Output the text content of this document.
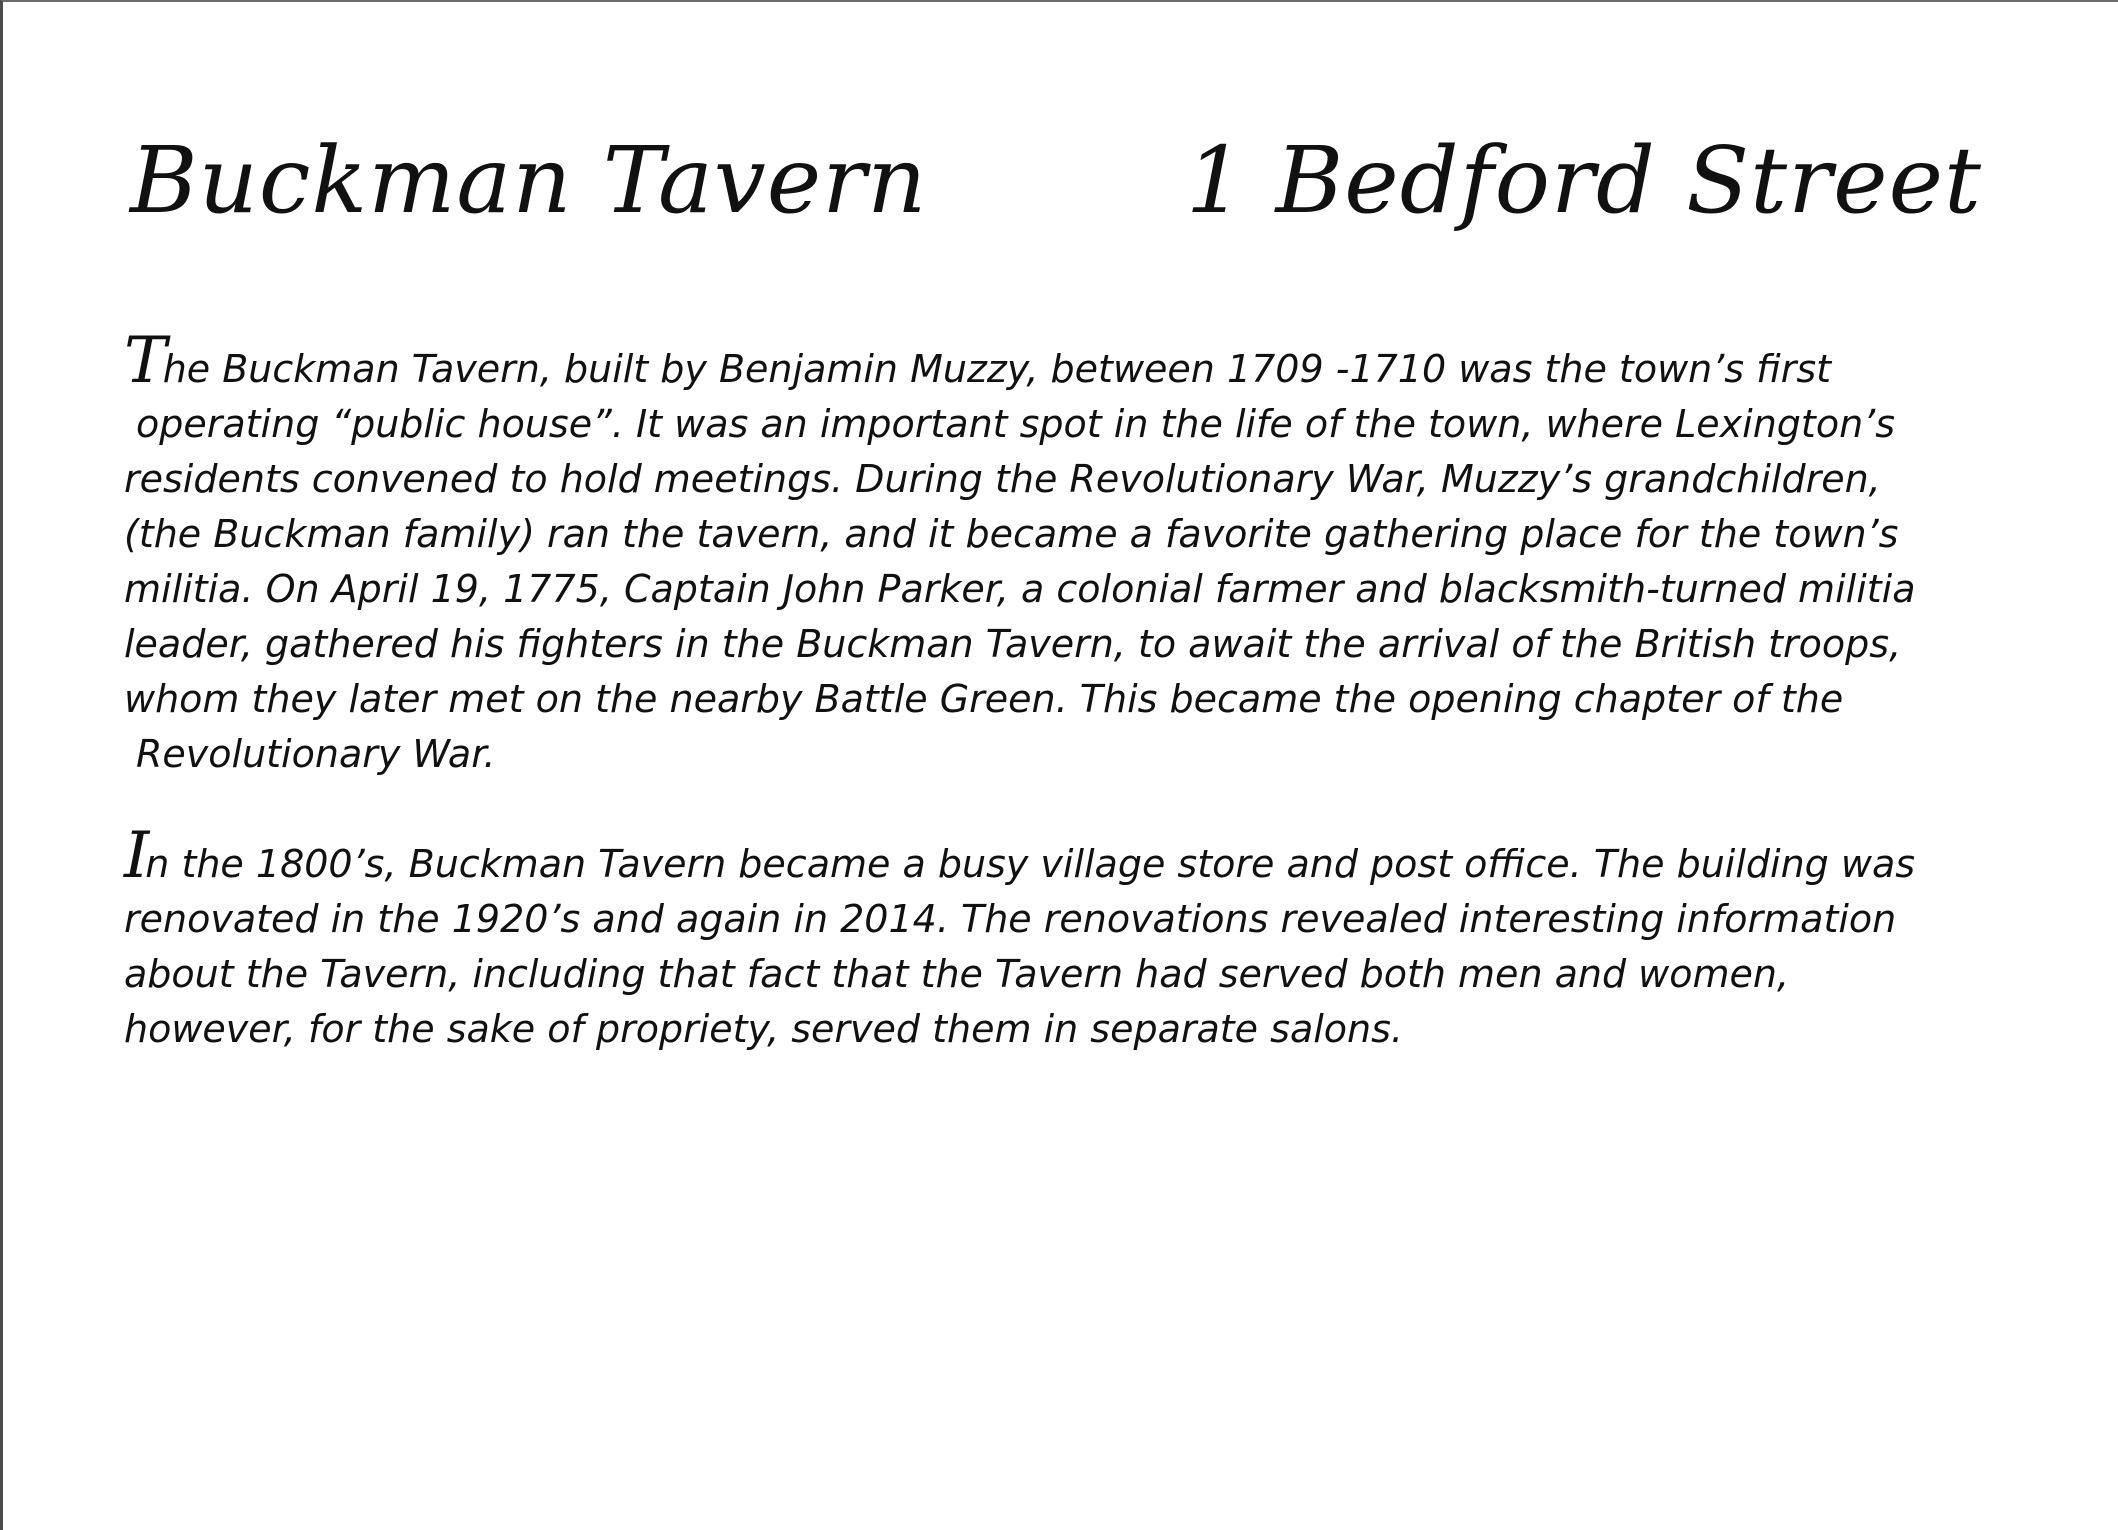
Buckman Tavern	1 Bedford Street

The Buckman Tavern, built by Benjamin Muzzy, between 1709 -1710 was the town’s first
operating “public house”. It was an important spot in the life of the town, where Lexington’s
residents convened to hold meetings. During the Revolutionary War, Muzzy’s grandchildren,
(the Buckman family) ran the tavern, and it became a favorite gathering place for the town’s
militia. On April 19, 1775, Captain John Parker, a colonial farmer and blacksmith-turned militia
leader, gathered his fighters in the Buckman Tavern, to await the arrival of the British troops,
whom they later met on the nearby Battle Green. This became the opening chapter of the
Revolutionary War.

In the 1800’s, Buckman Tavern became a busy village store and post office. The building was
renovated in the 1920’s and again in 2014. The renovations revealed interesting information
about the Tavern, including that fact that the Tavern had served both men and women,
however, for the sake of propriety, served them in separate salons.
